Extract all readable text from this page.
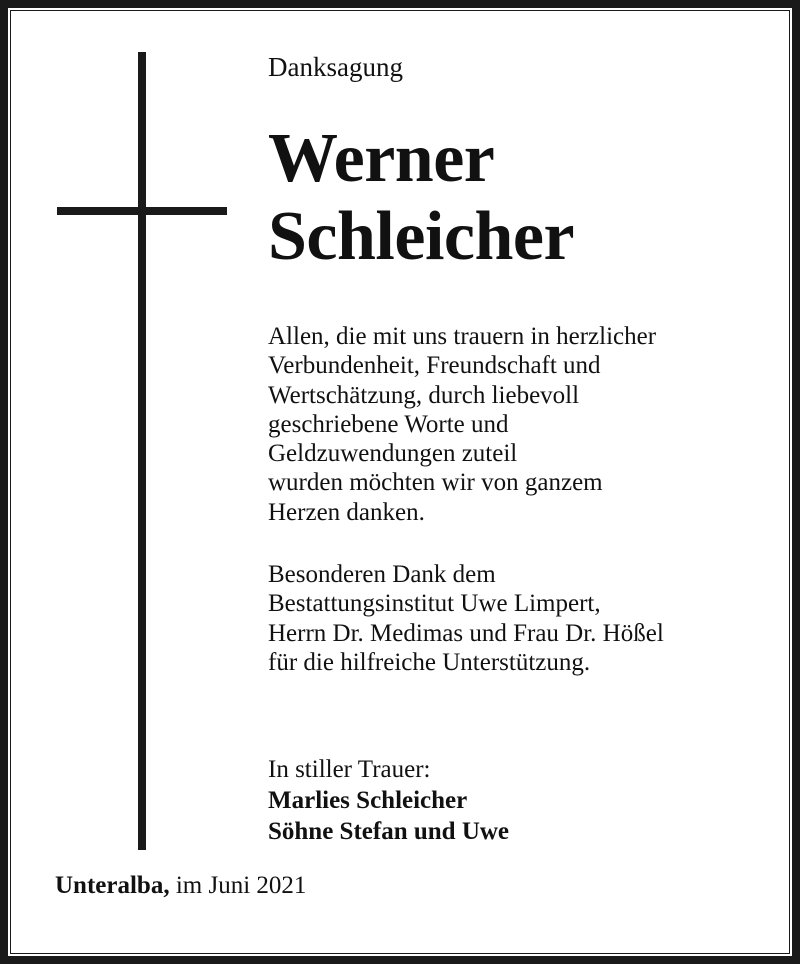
Danksagung
Werner
Schleicher
Allen, die mit uns trauern in herzlicher
Verbundenheit, Freundschaft und
Wertschätzung, durch liebevoll
geschriebene Worte und
Geldzuwendungen zuteil
wurden möchten wir von ganzem
Herzen danken.
Besonderen Dank dem
Bestattungsinstitut Uwe Limpert,
Herrn Dr. Medimas und Frau Dr. Hößel
für die hilfreiche Unterstützung.
In stiller Trauer:
Marlies Schleicher
Söhne Stefan und Uwe
Unteralba, im Juni 2021
